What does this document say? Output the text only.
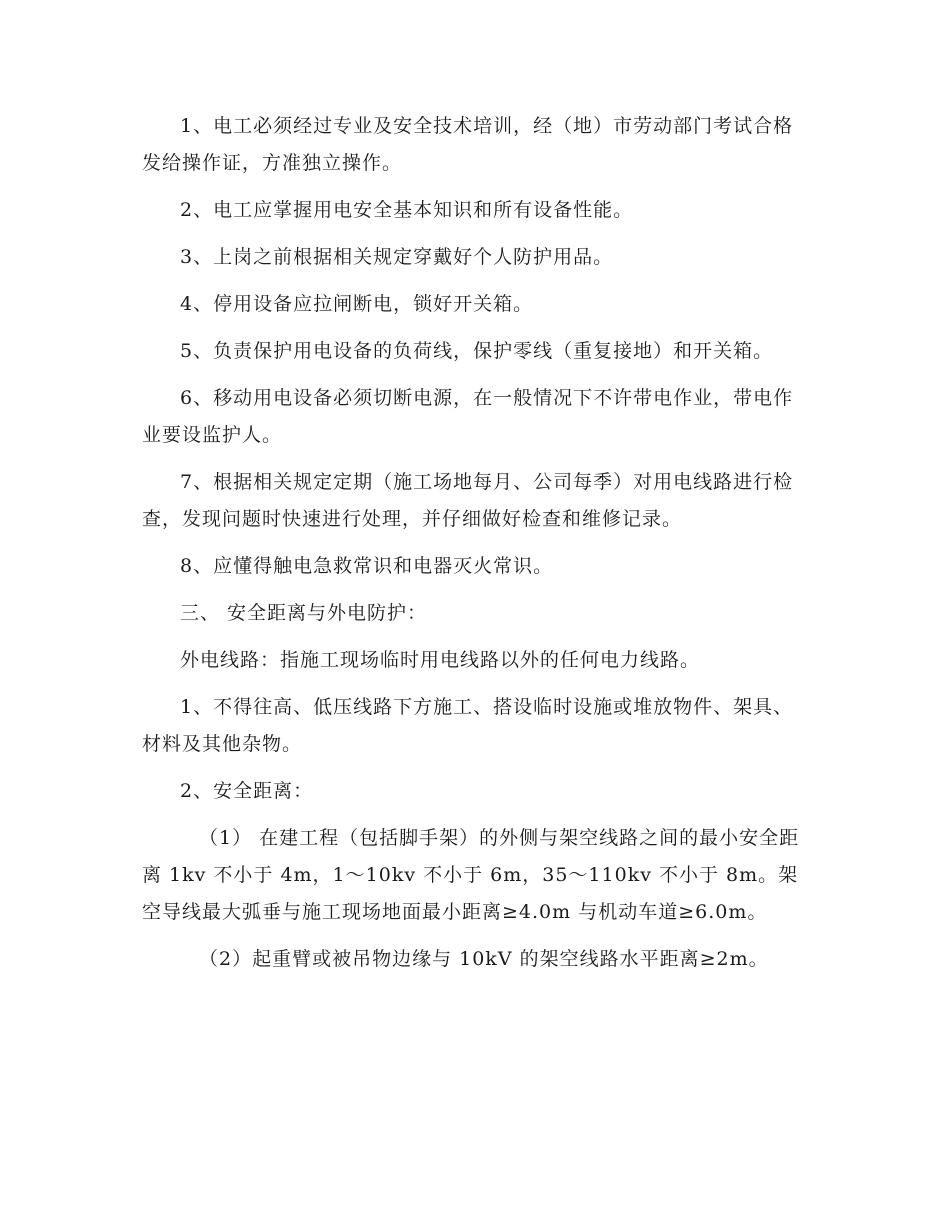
1、电工必须经过专业及安全技术培训，经（地）市劳动部门考试合格发给操作证，方准独立操作。

2、电工应掌握用电安全基本知识和所有设备性能。

3、上岗之前根据相关规定穿戴好个人防护用品。

4、停用设备应拉闸断电，锁好开关箱。

5、负责保护用电设备的负荷线，保护零线（重复接地）和开关箱。

6、移动用电设备必须切断电源，在一般情况下不许带电作业，带电作业要设监护人。

7、根据相关规定定期（施工场地每月、公司每季）对用电线路进行检查，发现问题时快速进行处理，并仔细做好检查和维修记录。

8、应懂得触电急救常识和电器灭火常识。

三、 安全距离与外电防护：

外电线路：指施工现场临时用电线路以外的任何电力线路。

1、不得往高、低压线路下方施工、搭设临时设施或堆放物件、架具、材料及其他杂物。

2、安全距离：

（1） 在建工程（包括脚手架）的外侧与架空线路之间的最小安全距离 1kv 不小于 4m，1～10kv 不小于 6m，35～110kv 不小于 8m。架空导线最大弧垂与施工现场地面最小距离≥4.0m 与机动车道≥6.0m。

（2）起重臂或被吊物边缘与 10kV 的架空线路水平距离≥2m。
